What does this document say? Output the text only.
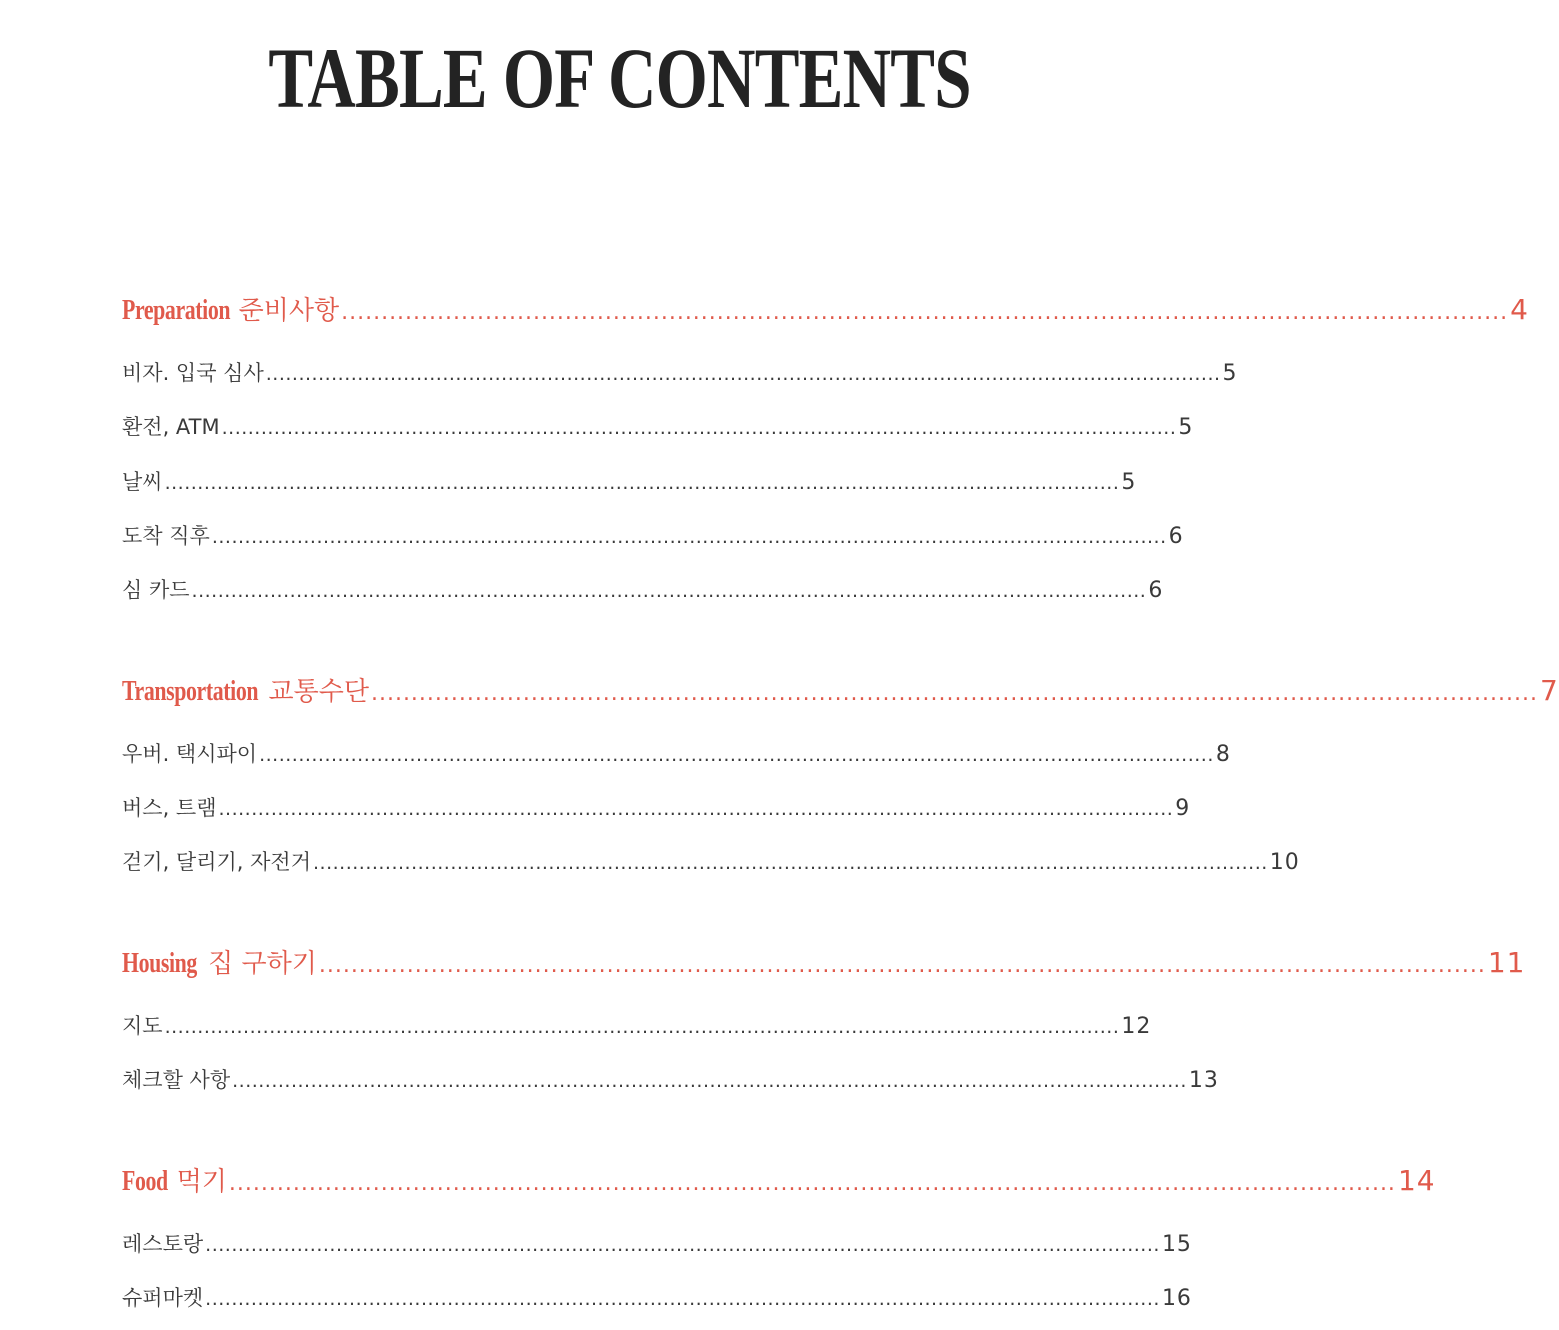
TABLE OF CONTENTS
Preparation 준비사항 .................................................................................................................................................. 4
비자. 입국 심사 .................................................................................................................................................. 5
환전, ATM .................................................................................................................................................. 5
날씨 .................................................................................................................................................. 5
도착 직후 .................................................................................................................................................. 6
심 카드 .................................................................................................................................................. 6
Transportation 교통수단 .................................................................................................................................................. 7
우버. 택시파이 .................................................................................................................................................. 8
버스, 트램 .................................................................................................................................................. 9
걷기, 달리기, 자전거 .................................................................................................................................................. 10
Housing 집 구하기 .................................................................................................................................................. 11
지도 .................................................................................................................................................. 12
체크할 사항 .................................................................................................................................................. 13
Food 먹기 .................................................................................................................................................. 14
레스토랑 .................................................................................................................................................. 15
슈퍼마켓 .................................................................................................................................................. 16
